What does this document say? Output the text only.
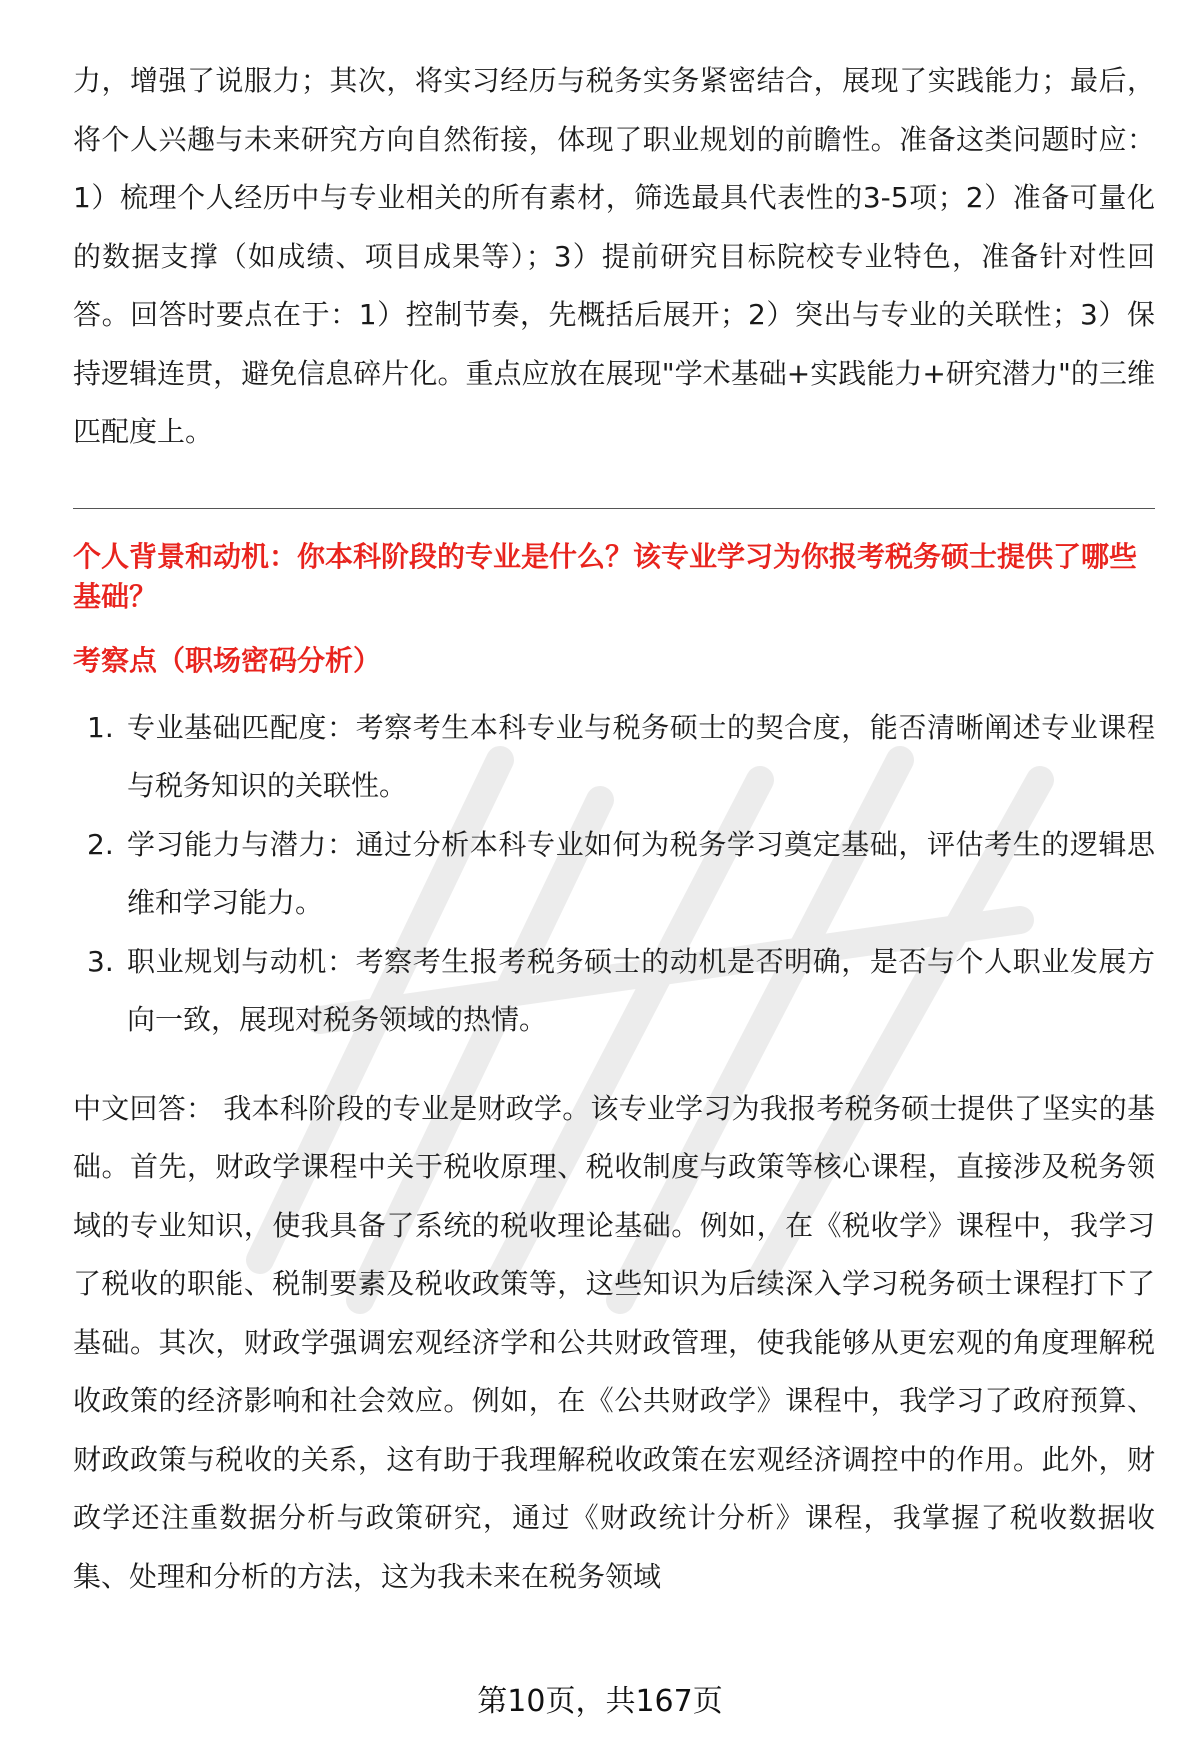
力，增强了说服力；其次，将实习经历与税务实务紧密结合，展现了实践能力；最后，将个人兴趣与未来研究方向自然衔接，体现了职业规划的前瞻性。准备这类问题时应：1）梳理个人经历中与专业相关的所有素材，筛选最具代表性的3-5项；2）准备可量化的数据支撑（如成绩、项目成果等）；3）提前研究目标院校专业特色，准备针对性回答。回答时要点在于：1）控制节奏，先概括后展开；2）突出与专业的关联性；3）保持逻辑连贯，避免信息碎片化。重点应放在展现"学术基础+实践能力+研究潜力"的三维匹配度上。

个人背景和动机：你本科阶段的专业是什么？该专业学习为你报考税务硕士提供了哪些基础？
考察点（职场密码分析）
1. 专业基础匹配度：考察考生本科专业与税务硕士的契合度，能否清晰阐述专业课程与税务知识的关联性。
2. 学习能力与潜力：通过分析本科专业如何为税务学习奠定基础，评估考生的逻辑思维和学习能力。
3. 职业规划与动机：考察考生报考税务硕士的动机是否明确，是否与个人职业发展方向一致，展现对税务领域的热情。

中文回答： 我本科阶段的专业是财政学。该专业学习为我报考税务硕士提供了坚实的基础。首先，财政学课程中关于税收原理、税收制度与政策等核心课程，直接涉及税务领域的专业知识，使我具备了系统的税收理论基础。例如，在《税收学》课程中，我学习了税收的职能、税制要素及税收政策等，这些知识为后续深入学习税务硕士课程打下了基础。其次，财政学强调宏观经济学和公共财政管理，使我能够从更宏观的角度理解税收政策的经济影响和社会效应。例如，在《公共财政学》课程中，我学习了政府预算、财政政策与税收的关系，这有助于我理解税收政策在宏观经济调控中的作用。此外，财政学还注重数据分析与政策研究，通过《财政统计分析》课程，我掌握了税收数据收集、处理和分析的方法，这为我未来在税务领域

第10页，共167页
